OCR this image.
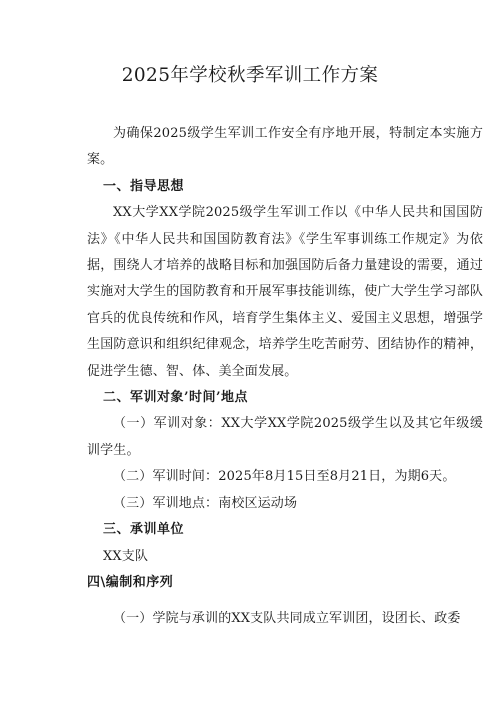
2025年学校秋季军训工作方案

为确保2025级学生军训工作安全有序地开展，特制定本实施方案。

一、指导思想

XX大学XX学院2025级学生军训工作以《中华人民共和国国防法》《中华人民共和国国防教育法》《学生军事训练工作规定》为依据，围绕人才培养的战略目标和加强国防后备力量建设的需要，通过实施对大学生的国防教育和开展军事技能训练，使广大学生学习部队官兵的优良传统和作风，培育学生集体主义、爱国主义思想，增强学生国防意识和组织纪律观念，培养学生吃苦耐劳、团结协作的精神，促进学生德、智、体、美全面发展。

二、军训对象’时间’地点

（一）军训对象：XX大学XX学院2025级学生以及其它年级缓训学生。

（二）军训时间：2025年8月15日至8月21日，为期6天。

（三）军训地点：南校区运动场

三、承训单位

XX支队

四\编制和序列

（一）学院与承训的XX支队共同成立军训团，设团长、政委
